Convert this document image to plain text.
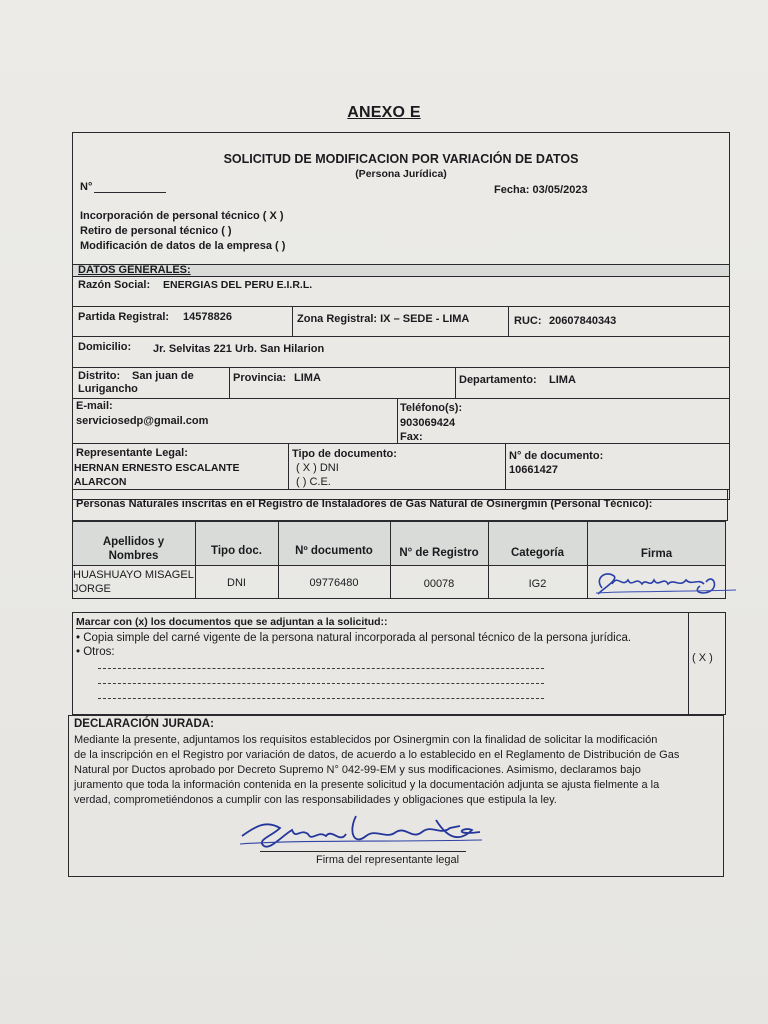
ANEXO E
SOLICITUD DE MODIFICACION POR VARIACIÓN DE DATOS
(Persona Jurídica)
N°	Fecha: 03/05/2023
Incorporación de personal técnico ( X )
Retiro de personal técnico ( )
Modificación de datos de la empresa ( )
DATOS GENERALES:
Razón Social: ENERGIAS DEL PERU E.I.R.L.
Partida Registral: 14578826	Zona Registral: IX – SEDE - LIMA	RUC: 20607840343
Domicilio: Jr. Selvitas 221 Urb. San Hilarion
Distrito: San juan de
Lurigancho
Provincia: LIMA	Departamento: LIMA
E-mail:
serviciosedp@gmail.com
Teléfono(s):
903069424
Fax:
Representante Legal:
HERNAN ERNESTO ESCALANTE
ALARCON
Tipo de documento:
( X ) DNI
( ) C.E.
N° de documento:
10661427
Personas Naturales inscritas en el Registro de Instaladores de Gas Natural de Osinergmin (Personal Técnico):
Apellidos y
Nombres	Tipo doc.	Nº documento	N° de Registro	Categoría	Firma
HUASHUAYO MISAGEL
JORGE	DNI	09776480	00078	IG2
Marcar con (x) los documentos que se adjuntan a la solicitud::
• Copia simple del carné vigente de la persona natural incorporada al personal técnico de la persona jurídica.
• Otros:	( X )
DECLARACIÓN JURADA:
Mediante la presente, adjuntamos los requisitos establecidos por Osinergmin con la finalidad de solicitar la modificación
de la inscripción en el Registro por variación de datos, de acuerdo a lo establecido en el Reglamento de Distribución de Gas
Natural por Ductos aprobado por Decreto Supremo N° 042-99-EM y sus modificaciones. Asimismo, declaramos bajo
juramento que toda la información contenida en la presente solicitud y la documentación adjunta se ajusta fielmente a la
verdad, comprometiéndonos a cumplir con las responsabilidades y obligaciones que estipula la ley.
Firma del representante legal
